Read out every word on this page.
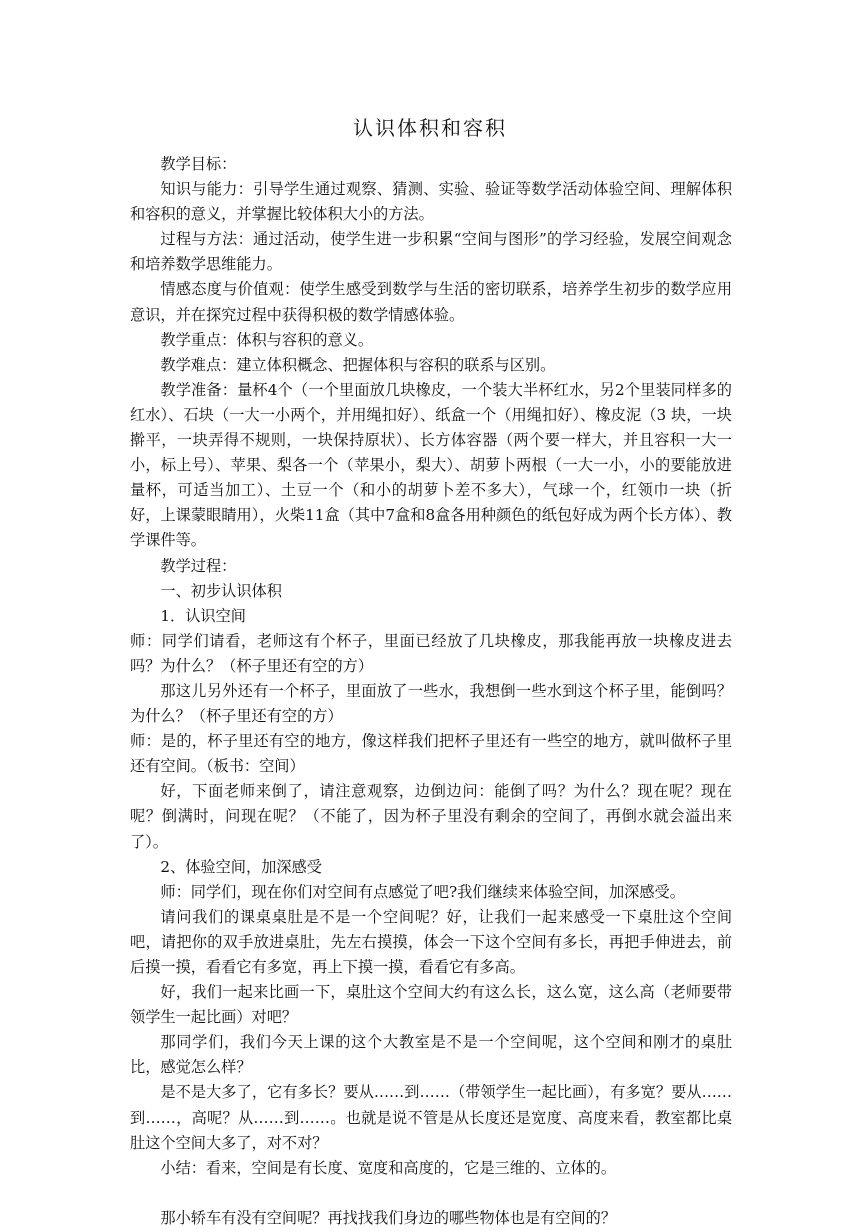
认识体积和容积

教学目标：

知识与能力：引导学生通过观察、猜测、实验、验证等数学活动体验空间、理解体积和容积的意义，并掌握比较体积大小的方法。

过程与方法：通过活动，使学生进一步积累“空间与图形”的学习经验，发展空间观念和培养数学思维能力。

情感态度与价值观：使学生感受到数学与生活的密切联系，培养学生初步的数学应用意识，并在探究过程中获得积极的数学情感体验。

教学重点：体积与容积的意义。

教学难点：建立体积概念、把握体积与容积的联系与区别。

教学准备：量杯4个（一个里面放几块橡皮，一个装大半杯红水，另2个里装同样多的红水）、石块（一大一小两个，并用绳扣好）、纸盒一个（用绳扣好）、橡皮泥（3 块，一块擀平，一块弄得不规则，一块保持原状）、长方体容器（两个要一样大，并且容积一大一小，标上号）、苹果、梨各一个（苹果小，梨大）、胡萝卜两根（一大一小，小的要能放进量杯，可适当加工）、土豆一个（和小的胡萝卜差不多大），气球一个，红领巾一块（折好，上课蒙眼睛用），火柴11盒（其中7盒和8盒各用种颜色的纸包好成为两个长方体）、教学课件等。

教学过程：

一、初步认识体积

1．认识空间

师：同学们请看，老师这有个杯子，里面已经放了几块橡皮，那我能再放一块橡皮进去吗？为什么？（杯子里还有空的方）

那这儿另外还有一个杯子，里面放了一些水，我想倒一些水到这个杯子里，能倒吗？为什么？（杯子里还有空的方）

师：是的，杯子里还有空的地方，像这样我们把杯子里还有一些空的地方，就叫做杯子里还有空间。（板书：空间）

好，下面老师来倒了，请注意观察，边倒边问：能倒了吗？为什么？现在呢？现在呢？倒满时，问现在呢？（不能了，因为杯子里没有剩余的空间了，再倒水就会溢出来了）。

2、体验空间，加深感受

师：同学们，现在你们对空间有点感觉了吧?我们继续来体验空间，加深感受。

请问我们的课桌桌肚是不是一个空间呢？好，让我们一起来感受一下桌肚这个空间吧，请把你的双手放进桌肚，先左右摸摸，体会一下这个空间有多长，再把手伸进去，前后摸一摸，看看它有多宽，再上下摸一摸，看看它有多高。

好，我们一起来比画一下，桌肚这个空间大约有这么长，这么宽，这么高（老师要带领学生一起比画）对吧？

那同学们，我们今天上课的这个大教室是不是一个空间呢，这个空间和刚才的桌肚比，感觉怎么样？

是不是大多了，它有多长？要从……到……（带领学生一起比画），有多宽？要从……到……，高呢？从……到……。也就是说不管是从长度还是宽度、高度来看，教室都比桌肚这个空间大多了，对不对？

小结：看来，空间是有长度、宽度和高度的，它是三维的、立体的。

那小轿车有没有空间呢？再找找我们身边的哪些物体也是有空间的？
